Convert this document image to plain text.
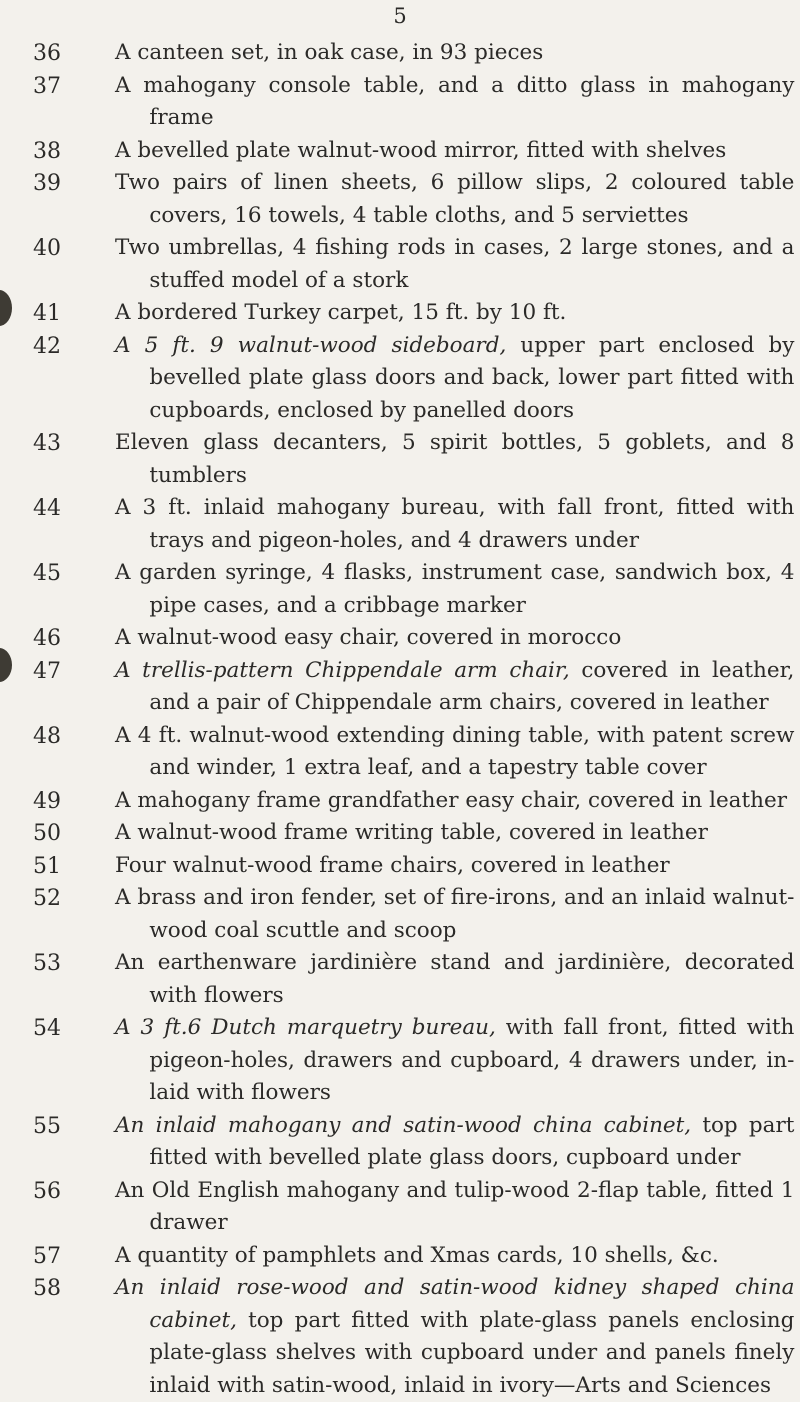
5
36	A canteen set, in oak case, in 93 pieces
37	A mahogany console table, and a ditto glass in mahogany frame
38	A bevelled plate walnut-wood mirror, fitted with shelves
39	Two pairs of linen sheets, 6 pillow slips, 2 coloured table covers, 16 towels, 4 table cloths, and 5 serviettes
40	Two umbrellas, 4 fishing rods in cases, 2 large stones, and a stuffed model of a stork
41	A bordered Turkey carpet, 15 ft. by 10 ft.
42	A 5 ft. 9 walnut-wood sideboard, upper part enclosed by bevelled plate glass doors and back, lower part fitted with cupboards, enclosed by panelled doors
43	Eleven glass decanters, 5 spirit bottles, 5 goblets, and 8 tumblers
44	A 3 ft. inlaid mahogany bureau, with fall front, fitted with trays and pigeon-holes, and 4 drawers under
45	A garden syringe, 4 flasks, instrument case, sandwich box, 4 pipe cases, and a cribbage marker
46	A walnut-wood easy chair, covered in morocco
47	A trellis-pattern Chippendale arm chair, covered in leather, and a pair of Chippendale arm chairs, covered in leather
48	A 4 ft. walnut-wood extending dining table, with patent screw and winder, 1 extra leaf, and a tapestry table cover
49	A mahogany frame grandfather easy chair, covered in leather
50	A walnut-wood frame writing table, covered in leather
51	Four walnut-wood frame chairs, covered in leather
52	A brass and iron fender, set of fire-irons, and an inlaid walnut-wood coal scuttle and scoop
53	An earthenware jardinière stand and jardinière, decorated with flowers
54	A 3 ft.6 Dutch marquetry bureau, with fall front, fitted with pigeon-holes, drawers and cupboard, 4 drawers under, in-laid with flowers
55	An inlaid mahogany and satin-wood china cabinet, top part fitted with bevelled plate glass doors, cupboard under
56	An Old English mahogany and tulip-wood 2-flap table, fitted 1 drawer
57	A quantity of pamphlets and Xmas cards, 10 shells, &c.
58	An inlaid rose-wood and satin-wood kidney shaped china cabinet, top part fitted with plate-glass panels enclosing plate-glass shelves with cupboard under and panels finely inlaid with satin-wood, inlaid in ivory—Arts and Sciences
